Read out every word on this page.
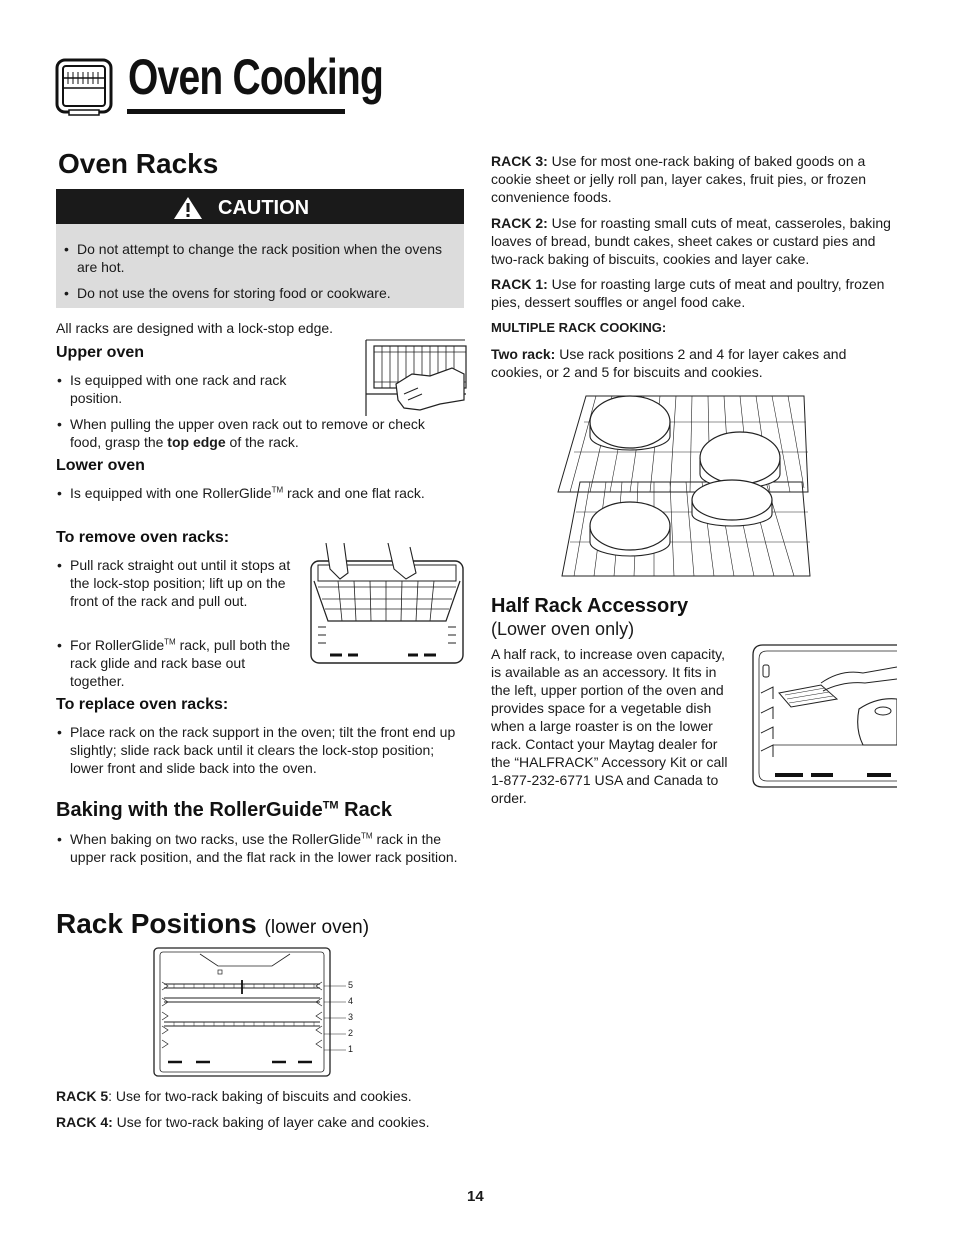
Oven Cooking
Oven Racks
CAUTION
• Do not attempt to change the rack position when the ovens are hot.
• Do not use the ovens for storing food or cookware.
All racks are designed with a lock-stop edge.
Upper oven
• Is equipped with one rack and rack position.
• When pulling the upper oven rack out to remove or check food, grasp the top edge of the rack.
Lower oven
• Is equipped with one RollerGlide™ rack and one flat rack.
To remove oven racks:
• Pull rack straight out until it stops at the lock-stop position; lift up on the front of the rack and pull out.
• For RollerGlide™ rack, pull both the rack glide and rack base out together.
To replace oven racks:
• Place rack on the rack support in the oven; tilt the front end up slightly; slide rack back until it clears the lock-stop position; lower front and slide back into the oven.
Baking with the RollerGuide™ Rack
• When baking on two racks, use the RollerGlide™ rack in the upper rack position, and the flat rack in the lower rack position.
Rack Positions (lower oven)
5
4
3
2
1
RACK 5: Use for two-rack baking of biscuits and cookies.
RACK 4: Use for two-rack baking of layer cake and cookies.
RACK 3: Use for most one-rack baking of baked goods on a cookie sheet or jelly roll pan, layer cakes, fruit pies, or frozen convenience foods.
RACK 2: Use for roasting small cuts of meat, casseroles, baking loaves of bread, bundt cakes, sheet cakes or custard pies and two-rack baking of biscuits, cookies and layer cake.
RACK 1: Use for roasting large cuts of meat and poultry, frozen pies, dessert souffles or angel food cake.
MULTIPLE RACK COOKING:
Two rack: Use rack positions 2 and 4 for layer cakes and cookies, or 2 and 5 for biscuits and cookies.
Half Rack Accessory
(Lower oven only)
A half rack, to increase oven capacity, is available as an accessory. It fits in the left, upper portion of the oven and provides space for a vegetable dish when a large roaster is on the lower rack. Contact your Maytag dealer for the “HALFRACK” Accessory Kit or call 1-877-232-6771 USA and Canada to order.
14
